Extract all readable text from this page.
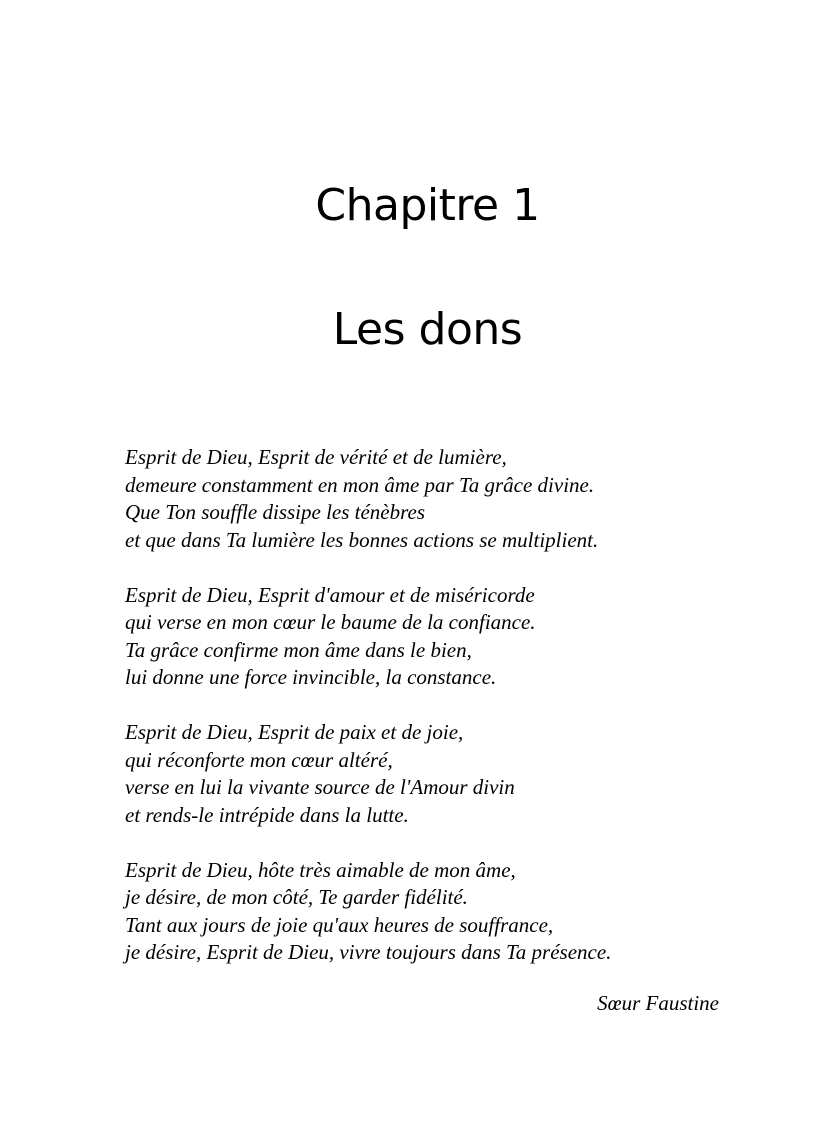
Chapitre 1
Les dons

Esprit de Dieu, Esprit de vérité et de lumière,
demeure constamment en mon âme par Ta grâce divine.
Que Ton souffle dissipe les ténèbres
et que dans Ta lumière les bonnes actions se multiplient.

Esprit de Dieu, Esprit d'amour et de miséricorde
qui verse en mon cœur le baume de la confiance.
Ta grâce confirme mon âme dans le bien,
lui donne une force invincible, la constance.

Esprit de Dieu, Esprit de paix et de joie,
qui réconforte mon cœur altéré,
verse en lui la vivante source de l'Amour divin
et rends-le intrépide dans la lutte.

Esprit de Dieu, hôte très aimable de mon âme,
je désire, de mon côté, Te garder fidélité.
Tant aux jours de joie qu'aux heures de souffrance,
je désire, Esprit de Dieu, vivre toujours dans Ta présence.

Sœur Faustine
